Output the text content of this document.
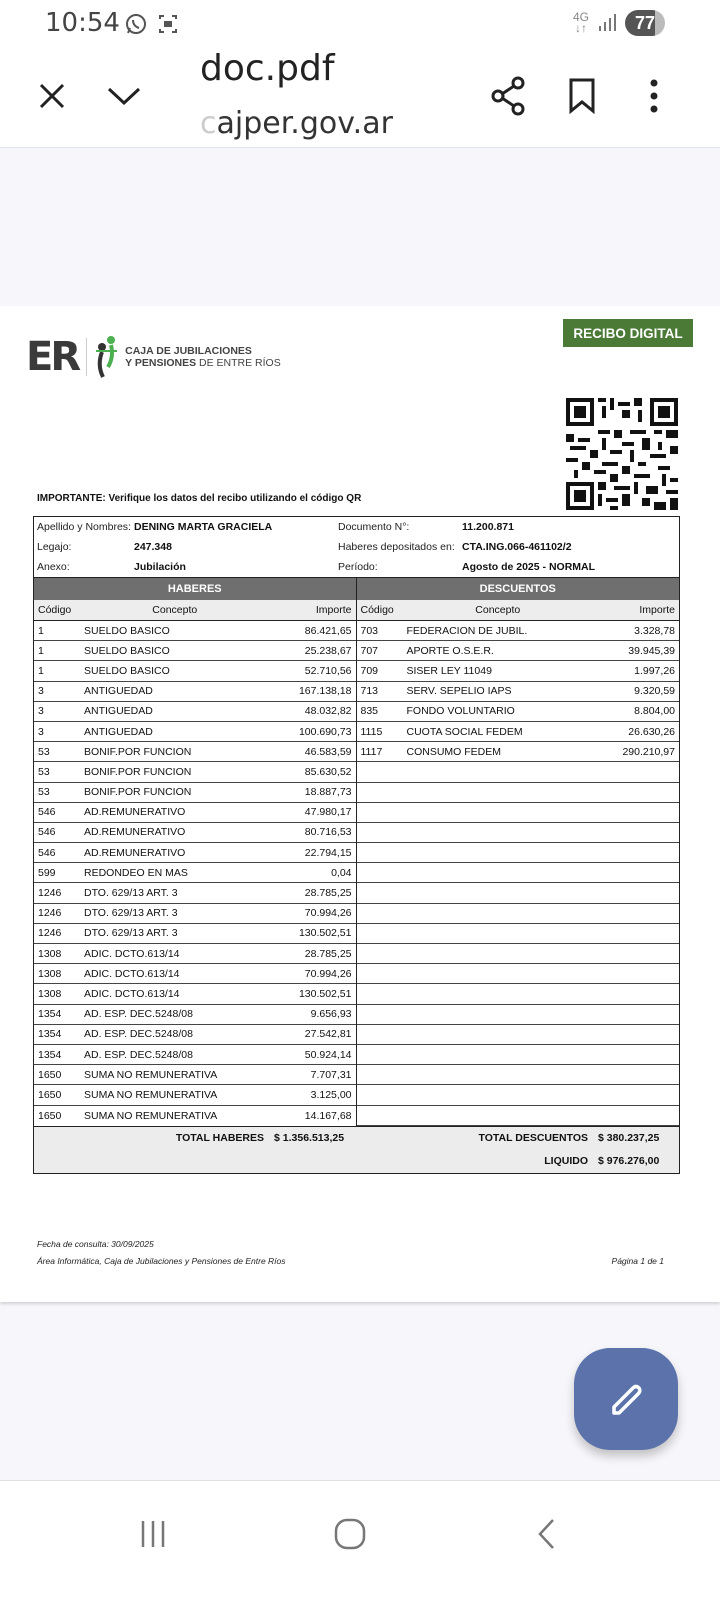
10:54	4G
↓↑	77
doc.pdf
cajper.gov.ar
ER	CAJA DE JUBILACIONES
Y PENSIONES DE ENTRE RÍOS
RECIBO DIGITAL
IMPORTANTE: Verifique los datos del recibo utilizando el código QR
Apellido y Nombres: DENING MARTA GRACIELA	Documento N°:	11.200.871
Legajo:	247.348	Haberes depositados en: CTA.ING.066-461102/2
Anexo:	Jubilación	Período:	Agosto de 2025 - NORMAL
HABERES
Código	Concepto	Importe
1	SUELDO BASICO	86.421,65
1	SUELDO BASICO	25.238,67
1	SUELDO BASICO	52.710,56
3	ANTIGUEDAD	167.138,18
3	ANTIGUEDAD	48.032,82
3	ANTIGUEDAD	100.690,73
53	BONIF.POR FUNCION	46.583,59
53	BONIF.POR FUNCION	85.630,52
53	BONIF.POR FUNCION	18.887,73
546	AD.REMUNERATIVO	47.980,17
546	AD.REMUNERATIVO	80.716,53
546	AD.REMUNERATIVO	22.794,15
599	REDONDEO EN MAS	0,04
1246	DTO. 629/13 ART. 3	28.785,25
1246	DTO. 629/13 ART. 3	70.994,26
1246	DTO. 629/13 ART. 3	130.502,51
1308	ADIC. DCTO.613/14	28.785,25
1308	ADIC. DCTO.613/14	70.994,26
1308	ADIC. DCTO.613/14	130.502,51
1354	AD. ESP. DEC.5248/08	9.656,93
1354	AD. ESP. DEC.5248/08	27.542,81
1354	AD. ESP. DEC.5248/08	50.924,14
1650	SUMA NO REMUNERATIVA	7.707,31
1650	SUMA NO REMUNERATIVA	3.125,00
1650	SUMA NO REMUNERATIVA	14.167,68
DESCUENTOS
Código	Concepto	Importe
703	FEDERACION DE JUBIL.	3.328,78
707	APORTE O.S.E.R.	39.945,39
709	SISER LEY 11049	1.997,26
713	SERV. SEPELIO IAPS	9.320,59
835	FONDO VOLUNTARIO	8.804,00
1115	CUOTA SOCIAL FEDEM	26.630,26
1117	CONSUMO FEDEM	290.210,97
TOTAL HABERES $ 1.356.513,25	TOTAL DESCUENTOS $ 380.237,25
LIQUIDO $ 976.276,00
Fecha de consulta: 30/09/2025
Área Informática, Caja de Jubilaciones y Pensiones de Entre Ríos	Página 1 de 1
